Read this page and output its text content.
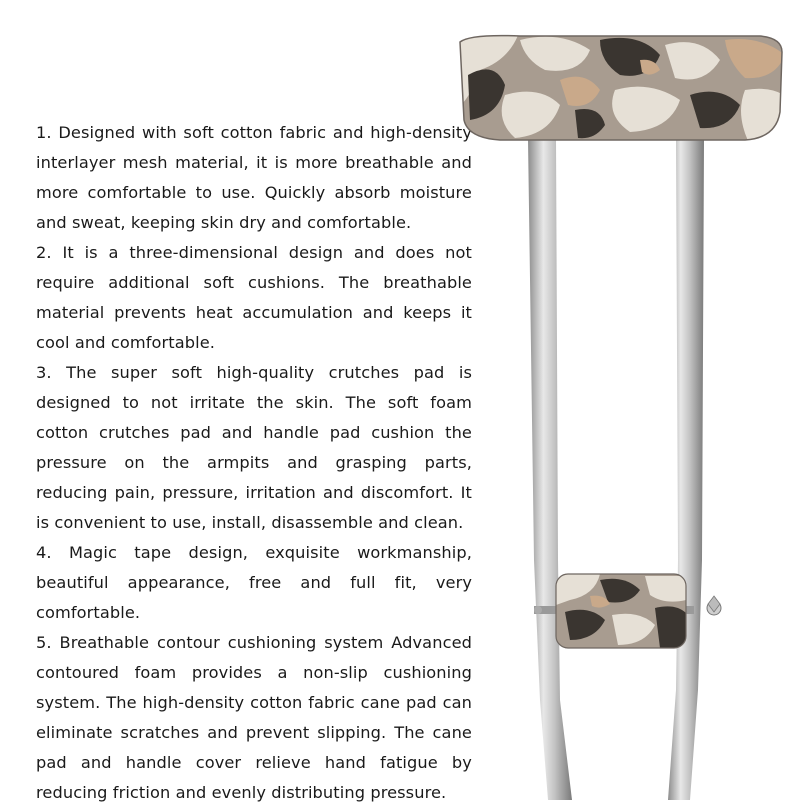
1. Designed with soft cotton fabric and high-density interlayer mesh material, it is more breathable and more comfortable to use. Quickly absorb moisture and sweat, keeping skin dry and comfortable.

2. It is a three-dimensional design and does not require additional soft cushions. The breathable material prevents heat accumulation and keeps it cool and comfortable.

3. The super soft high-quality crutches pad is designed to not irritate the skin. The soft foam cotton crutches pad and handle pad cushion the pressure on the armpits and grasping parts, reducing pain, pressure, irritation and discomfort. It is convenient to use, install, disassemble and clean.

4. Magic tape design, exquisite workmanship, beautiful appearance, free and full fit, very comfortable.

5. Breathable contour cushioning system Advanced contoured foam provides a non-slip cushioning system. The high-density cotton fabric cane pad can eliminate scratches and prevent slipping. The cane pad and handle cover relieve hand fatigue by reducing friction and evenly distributing pressure.
